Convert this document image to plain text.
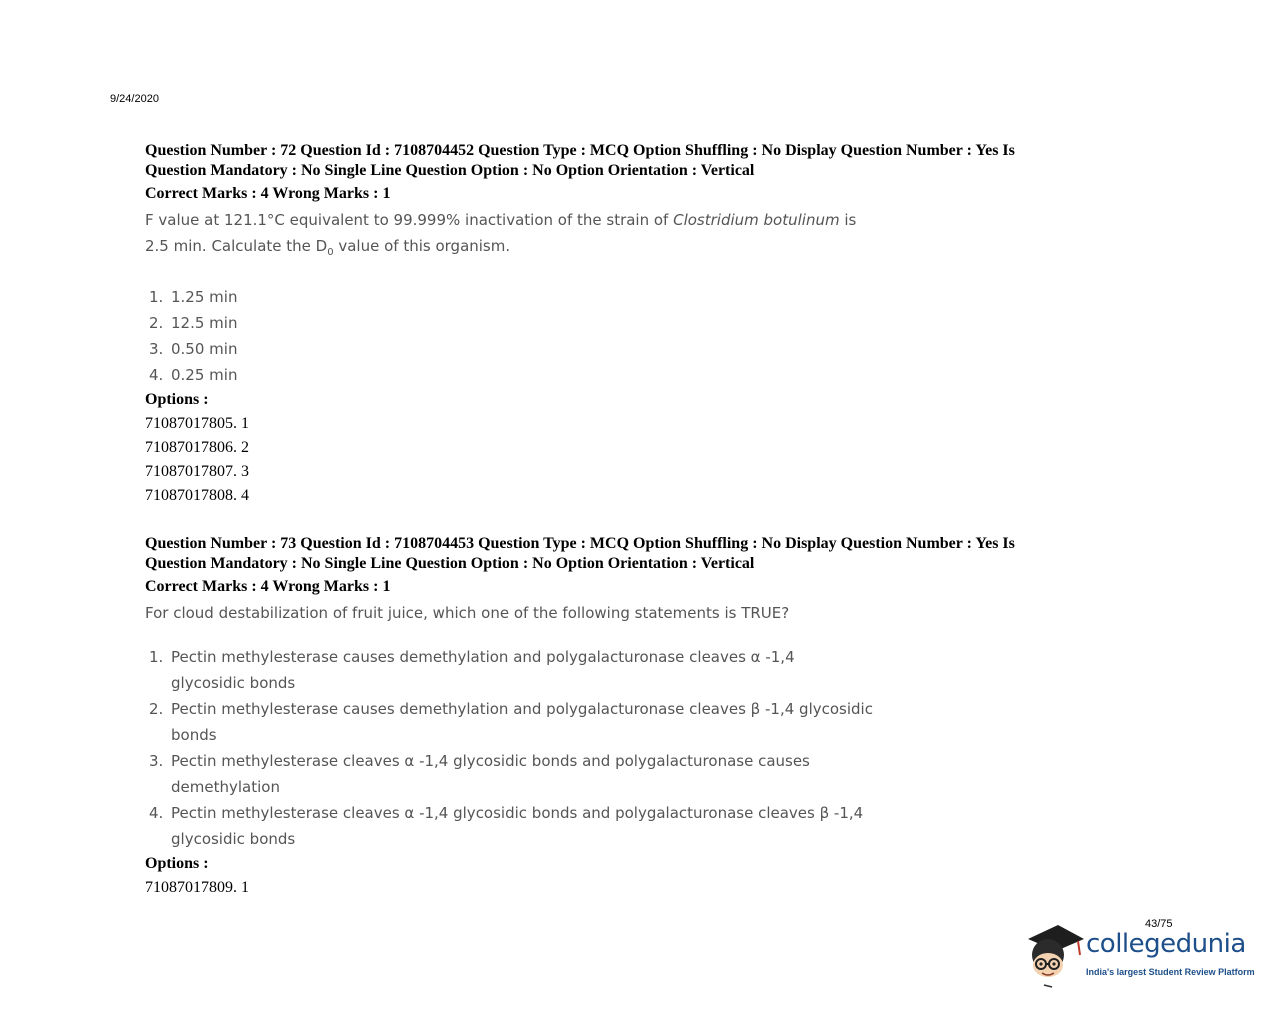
9/24/2020
Question Number : 72 Question Id : 7108704452 Question Type : MCQ Option Shuffling : No Display Question Number : Yes Is
Question Mandatory : No Single Line Question Option : No Option Orientation : Vertical
Correct Marks : 4 Wrong Marks : 1
F value at 121.1°C equivalent to 99.999% inactivation of the strain of Clostridium botulinum is
2.5 min. Calculate the $D_0$ value of this organism.
1. 1.25 min
2. 12.5 min
3. 0.50 min
4. 0.25 min
Options :
71087017805. 1
71087017806. 2
71087017807. 3
71087017808. 4
Question Number : 73 Question Id : 7108704453 Question Type : MCQ Option Shuffling : No Display Question Number : Yes Is
Question Mandatory : No Single Line Question Option : No Option Orientation : Vertical
Correct Marks : 4 Wrong Marks : 1
For cloud destabilization of fruit juice, which one of the following statements is TRUE?
1. Pectin methylesterase causes demethylation and polygalacturonase cleaves α -1,4
glycosidic bonds
2. Pectin methylesterase causes demethylation and polygalacturonase cleaves β -1,4 glycosidic
bonds
3. Pectin methylesterase cleaves α -1,4 glycosidic bonds and polygalacturonase causes
demethylation
4. Pectin methylesterase cleaves α -1,4 glycosidic bonds and polygalacturonase cleaves β -1,4
glycosidic bonds
Options :
71087017809. 1
43/75
collegedunia
India's largest Student Review Platform
